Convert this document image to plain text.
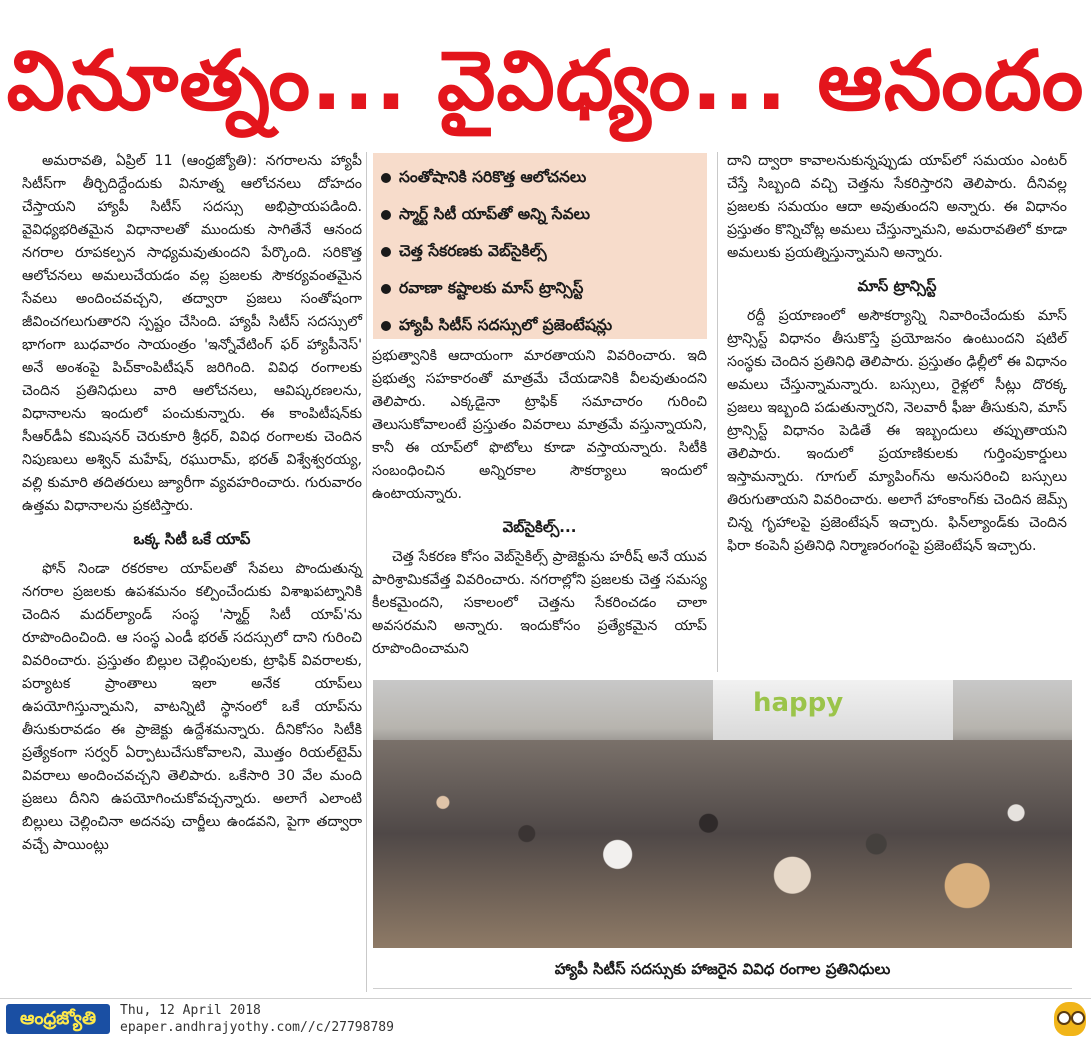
వినూత్నం... వైవిధ్యం... ఆనందం

అమరావతి, ఏప్రిల్ 11 (ఆంధ్రజ్యోతి): నగరాలను హ్యాపీ సిటీస్‌గా తీర్చిదిద్దేందుకు వినూత్న ఆలోచనలు దోహదం చేస్తాయని హ్యాపీ సిటీస్ సదస్సు అభిప్రాయపడింది. వైవిధ్యభరితమైన విధానాలతో ముందుకు సాగితేనే ఆనంద నగరాల రూపకల్పన సాధ్యమవుతుందని పేర్కొంది. సరికొత్త ఆలోచనలు అమలుచేయడం వల్ల ప్రజలకు సౌకర్యవంతమైన సేవలు అందించవచ్చని, తద్వారా ప్రజలు సంతోషంగా జీవించగలుగుతారని స్పష్టం చేసింది. హ్యాపీ సిటీస్ సదస్సులో భాగంగా బుధవారం సాయంత్రం 'ఇన్నోవేటింగ్ ఫర్ హ్యాపీనెస్' అనే అంశంపై పిచ్‌కాంపిటీషన్ జరిగింది. వివిధ రంగాలకు చెందిన ప్రతినిధులు వారి ఆలోచనలు, ఆవిష్కరణలను, విధానాలను ఇందులో పంచుకున్నారు. ఈ కాంపిటీషన్‌కు సీఆర్‌డీఏ కమిషనర్ చెరుకూరి శ్రీధర్, వివిధ రంగాలకు చెందిన నిపుణులు అశ్విన్ మహేష్, రఘురామ్, భరత్ విశ్వేశ్వరయ్య, వల్లి కుమారి తదితరులు జ్యూరీగా వ్యవహరించారు. గురువారం ఉత్తమ విధానాలను ప్రకటిస్తారు.

ఒక్క సిటీ ఒకే యాప్

ఫోన్ నిండా రకరకాల యాప్‌లతో సేవలు పొందుతున్న నగరాల ప్రజలకు ఉపశమనం కల్పించేందుకు విశాఖపట్నానికి చెందిన మదర్‌ల్యాండ్ సంస్థ 'స్మార్ట్ సిటీ యాప్'ను రూపొందించింది. ఆ సంస్థ ఎండీ భరత్ సదస్సులో దాని గురించి వివరించారు. ప్రస్తుతం బిల్లుల చెల్లింపులకు, ట్రాఫిక్ వివరాలకు, పర్యాటక ప్రాంతాలు ఇలా అనేక యాప్‌లు ఉపయోగిస్తున్నామని, వాటన్నిటి స్థానంలో ఒకే యాప్‌ను తీసుకురావడం ఈ ప్రాజెక్టు ఉద్దేశమన్నారు. దీనికోసం సిటీకి ప్రత్యేకంగా సర్వర్ ఏర్పాటుచేసుకోవాలని, మొత్తం రియల్‌టైమ్ వివరాలు అందించవచ్చని తెలిపారు. ఒకేసారి 30 వేల మంది ప్రజలు దీనిని ఉపయోగించుకోవచ్చన్నారు. అలాగే ఎలాంటి బిల్లులు చెల్లించినా అదనపు చార్జీలు ఉండవని, పైగా తద్వారా వచ్చే పాయింట్లు

సంతోషానికి సరికొత్త ఆలోచనలు
స్మార్ట్ సిటీ యాప్‌తో అన్ని సేవలు
చెత్త సేకరణకు వెబ్‌సైకిల్స్
రవాణా కష్టాలకు మాస్ ట్రాన్సిస్ట్
హ్యాపీ సిటీస్ సదస్సులో ప్రజెంటేషన్లు

ప్రభుత్వానికి ఆదాయంగా మారతాయని వివరించారు. ఇది ప్రభుత్వ సహకారంతో మాత్రమే చేయడానికి వీలవుతుందని తెలిపారు. ఎక్కడైనా ట్రాఫిక్ సమాచారం గురించి తెలుసుకోవాలంటే ప్రస్తుతం వివరాలు మాత్రమే వస్తున్నాయని, కానీ ఈ యాప్‌లో ఫొటోలు కూడా వస్తాయన్నారు. సిటీకి సంబంధించిన అన్నిరకాల సౌకర్యాలు ఇందులో ఉంటాయన్నారు.

వెబ్‌సైకిల్స్...

చెత్త సేకరణ కోసం వెబ్‌సైకిల్స్ ప్రాజెక్టును హరీష్ అనే యువ పారిశ్రామికవేత్త వివరించారు. నగరాల్లోని ప్రజలకు చెత్త సమస్య కీలకమైందని, సకాలంలో చెత్తను సేకరించడం చాలా అవసరమని అన్నారు. ఇందుకోసం ప్రత్యేకమైన యాప్ రూపొందించామని

దాని ద్వారా కావాలనుకున్నప్పుడు యాప్‌లో సమయం ఎంటర్ చేస్తే సిబ్బంది వచ్చి చెత్తను సేకరిస్తారని తెలిపారు. దీనివల్ల ప్రజలకు సమయం ఆదా అవుతుందని అన్నారు. ఈ విధానం ప్రస్తుతం కొన్నిచోట్ల అమలు చేస్తున్నామని, అమరావతిలో కూడా అమలుకు ప్రయత్నిస్తున్నామని అన్నారు.

మాస్ ట్రాన్సిస్ట్

రద్దీ ప్రయాణంలో అసౌకర్యాన్ని నివారించేందుకు మాస్ ట్రాన్సిస్ట్ విధానం తీసుకొస్తే ప్రయోజనం ఉంటుందని షటిల్ సంస్థకు చెందిన ప్రతినిధి తెలిపారు. ప్రస్తుతం ఢిల్లీలో ఈ విధానం అమలు చేస్తున్నామన్నారు. బస్సులు, రైళ్లలో సీట్లు దొరక్క ప్రజలు ఇబ్బంది పడుతున్నారని, నెలవారీ ఫీజు తీసుకుని, మాస్ ట్రాన్సిస్ట్ విధానం పెడితే ఈ ఇబ్బందులు తప్పుతాయని తెలిపారు. ఇందులో ప్రయాణికులకు గుర్తింపుకార్డులు ఇస్తామన్నారు. గూగుల్ మ్యాపింగ్‌ను అనుసరించి బస్సులు తిరుగుతాయని వివరించారు. అలాగే హాంకాంగ్‌కు చెందిన జెమ్స్ చిన్న గృహాలపై ప్రజెంటేషన్ ఇచ్చారు. ఫిన్‌ల్యాండ్‌కు చెందిన ఫిరా కంపెనీ ప్రతినిధి నిర్మాణరంగంపై ప్రజెంటేషన్ ఇచ్చారు.

happy
హ్యాపీ సిటీస్ సదస్సుకు హాజరైన వివిధ రంగాల ప్రతినిధులు
ఆంధ్రజ్యోతి	Thu, 12 April 2018
epaper.andhrajyothy.com//c/27798789
